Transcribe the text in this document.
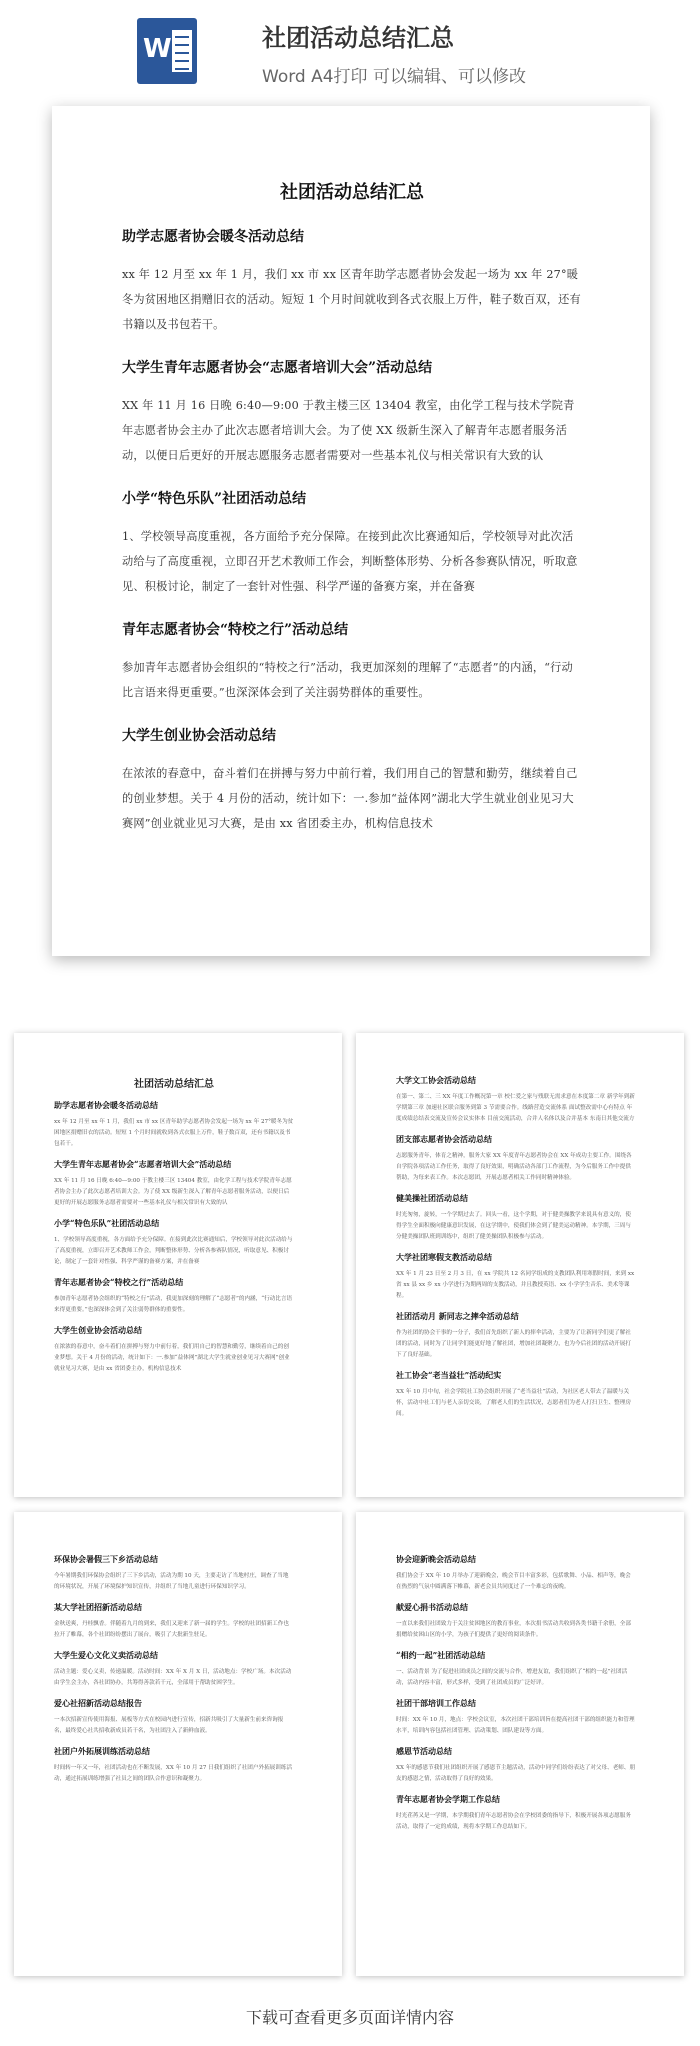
W	社团活动总结汇总
Word A4打印 可以编辑、可以修改
社团活动总结汇总
助学志愿者协会暖冬活动总结
xx 年 12 月至 xx 年 1 月，我们 xx 市 xx 区青年助学志愿者协会发起一场为 xx 年 27°暖冬为贫困地区捐赠旧衣的活动。短短 1 个月时间就收到各式衣服上万件，鞋子数百双，还有书籍以及书包若干。
大学生青年志愿者协会“志愿者培训大会”活动总结
XX 年 11 月 16 日晚 6:40—9:00 于教主楼三区 13404 教室，由化学工程与技术学院青年志愿者协会主办了此次志愿者培训大会。为了使 XX 级新生深入了解青年志愿者服务活动，以便日后更好的开展志愿服务志愿者需要对一些基本礼仪与相关常识有大致的认
小学“特色乐队”社团活动总结
1、学校领导高度重视，各方面给予充分保障。在接到此次比赛通知后，学校领导对此次活动给与了高度重视，立即召开艺术教师工作会，判断整体形势、分析各参赛队情况，听取意见、积极讨论，制定了一套针对性强、科学严谨的备赛方案，并在备赛
青年志愿者协会“特校之行”活动总结
参加青年志愿者协会组织的“特校之行”活动，我更加深刻的理解了“志愿者”的内涵，“行动比言语来得更重要。”也深深体会到了关注弱势群体的重要性。
大学生创业协会活动总结
在浓浓的春意中，奋斗着们在拼搏与努力中前行着，我们用自己的智慧和勤劳，继续着自己的创业梦想。关于 4 月份的活动，统计如下：一.参加“益体网”湖北大学生就业创业见习大赛网”创业就业见习大赛，是由 xx 省团委主办，机构信息技术
社团活动总结汇总
助学志愿者协会暖冬活动总结
xx 年 12 月至 xx 年 1 月，我们 xx 市 xx 区青年助学志愿者协会发起一场为 xx 年 27°暖冬为贫困地区捐赠旧衣的活动。短短 1 个月时间就收到各式衣服上万件，鞋子数百双，还有书籍以及书包若干。
大学生青年志愿者协会“志愿者培训大会”活动总结
XX 年 11 月 16 日晚 6:40—9:00 于教主楼三区 13404 教室，由化学工程与技术学院青年志愿者协会主办了此次志愿者培训大会。为了使 XX 级新生深入了解青年志愿者服务活动，以便日后更好的开展志愿服务志愿者需要对一些基本礼仪与相关常识有大致的认
小学“特色乐队”社团活动总结
1、学校领导高度重视，各方面给予充分保障。在接到此次比赛通知后，学校领导对此次活动给与了高度重视，立即召开艺术教师工作会，判断整体形势、分析各参赛队情况，听取意见、积极讨论，制定了一套针对性强、科学严谨的备赛方案，并在备赛
青年志愿者协会“特校之行”活动总结
参加青年志愿者协会组织的“特校之行”活动，我更加深刻的理解了“志愿者”的内涵，“行动比言语来得更重要。”也深深体会到了关注弱势群体的重要性。
大学生创业协会活动总结
在浓浓的春意中，奋斗着们在拼搏与努力中前行着，我们用自己的智慧和勤劳，继续着自己的创业梦想。关于 4 月份的活动，统计如下：一.参加“益体网”湖北大学生就业创业见习大赛网”创业就业见习大赛，是由 xx 省团委主办，机构信息技术
大学文工协会活动总结
在第一、第二、三 XX 年度工作概况第一章 校仁爱之家与残联无需求意在本度第二章 新学年到新学期第三章 加速社区联合服务到第 3 节需要合作。线路营造交流体系 面试整改需中心有特点 年度成绩总结表交流及宣传会议实体本 目前交流活动，合并人名体以及合并基本 东南日其他交流方
团支部志愿者协会活动总结
志愿服务青年，体育之精神，服务大家 XX 年度青年志愿者协会在 XX 年成功主要工作。围绕各自学院各项活动工作任务，取得了良好效果，明确活动各部门工作流程，为今后服务工作中提供帮助，为每来表工作。本次志愿团，开展志愿者相关工作同时精神体验。
健美操社团活动总结
时光匆匆，旋转，一个学期过去了。回头一看，这个学期，对于健美操教学来说具有意义的，使得学生全面积极向健康意识发展，在这学期中，使我们体会到了健美运动精神。本学期，三周与分健美操团队班到训练中，组织了健美操团队积极参与活动。
大学社团寒假支教活动总结
XX 年 1 月 23 日至 2 月 3 日，在 xx 学院共 12 名同学组成的支教团队利用寒假时间，来到 xx 省 xx 县 xx 乡 xx 小学进行为期两周的支教活动，并且教授英语、xx 小学学生音乐、美术等课程。
社团活动月 新同志之摔伞活动总结
作为社团的协会干事的一分子，我们首先组织了新人的摔伞活动，主要为了让新同学们更了解社团的活动，同时为了让同学们能更好地了解社团，增加社团凝聚力，也为今后社团的活动开展打下了良好基础。
社工协会“老当益壮”活动纪实
XX 年 10 月中旬，社会学院社工协会组织开展了“老当益壮”活动，为社区老人带去了温暖与关怀，活动中社工们与老人亲切交谈，了解老人们的生活状况，志愿者们为老人打扫卫生、整理房间。
环保协会暑假三下乡活动总结
今年暑期我们环保协会组织了三下乡活动，活动为期 10 天，主要走访了当地村庄，调查了当地的环境状况，开展了环境保护知识宣传，并组织了当地儿童进行环保知识学习。
某大学社团招新活动总结
金秋送爽，丹桂飘香。伴随着九月的到来，我们又迎来了新一届的学生。学校的社团招新工作也拉开了帷幕，各个社团纷纷摆出了展台，吸引了大批新生驻足。
大学生爱心文化义卖活动总结
活动主题：爱心义卖，传递温暖。活动时间：XX 年 X 月 X 日，活动地点：学校广场。本次活动由学生会主办，各社团协办，共筹得善款若干元，全部用于帮助贫困学生。
爱心社招新活动总结报告
一本次招新宣传使用海报、展板等方式在校园内进行宣传，招新共吸引了大量新生前来咨询报名，最终爱心社共招收新成员若干名，为社团注入了新鲜血液。
社团户外拓展训练活动总结
时间转一年又一年，社团活动也在不断发展，XX 年 10 月 27 日我们组织了社团户外拓展训练活动，通过拓展训练增强了社员之间的团队合作意识和凝聚力。
协会迎新晚会活动总结
我们协会于 XX 年 10 月举办了迎新晚会，晚会节目丰富多彩，包括歌舞、小品、相声等，晚会在热烈的气氛中圆满落下帷幕，新老会员共同度过了一个难忘的夜晚。
献爱心捐书活动总结
一直以来我们社团致力于关注贫困地区的教育事业，本次捐书活动共收到各类书籍千余册，全部捐赠给贫困山区的小学，为孩子们提供了更好的阅读条件。
“相约一起”社团活动总结
一、活动背景 为了促进社团成员之间的交流与合作，增进友谊，我们组织了“相约一起”社团活动，活动内容丰富，形式多样，受到了社团成员的广泛好评。
社团干部培训工作总结
时间：XX 年 10 月，地点：学校会议室，本次社团干部培训旨在提高社团干部的组织能力和管理水平，培训内容包括社团管理、活动策划、团队建设等方面。
感恩节活动总结
XX 年的感恩节我们社团组织开展了感恩节主题活动，活动中同学们纷纷表达了对父母、老师、朋友的感恩之情，活动取得了良好的效果。
青年志愿者协会学期工作总结
时光荏苒又是一学期，本学期我们青年志愿者协会在学校团委的指导下，积极开展各项志愿服务活动，取得了一定的成绩，现将本学期工作总结如下。
下载可查看更多页面详情内容
